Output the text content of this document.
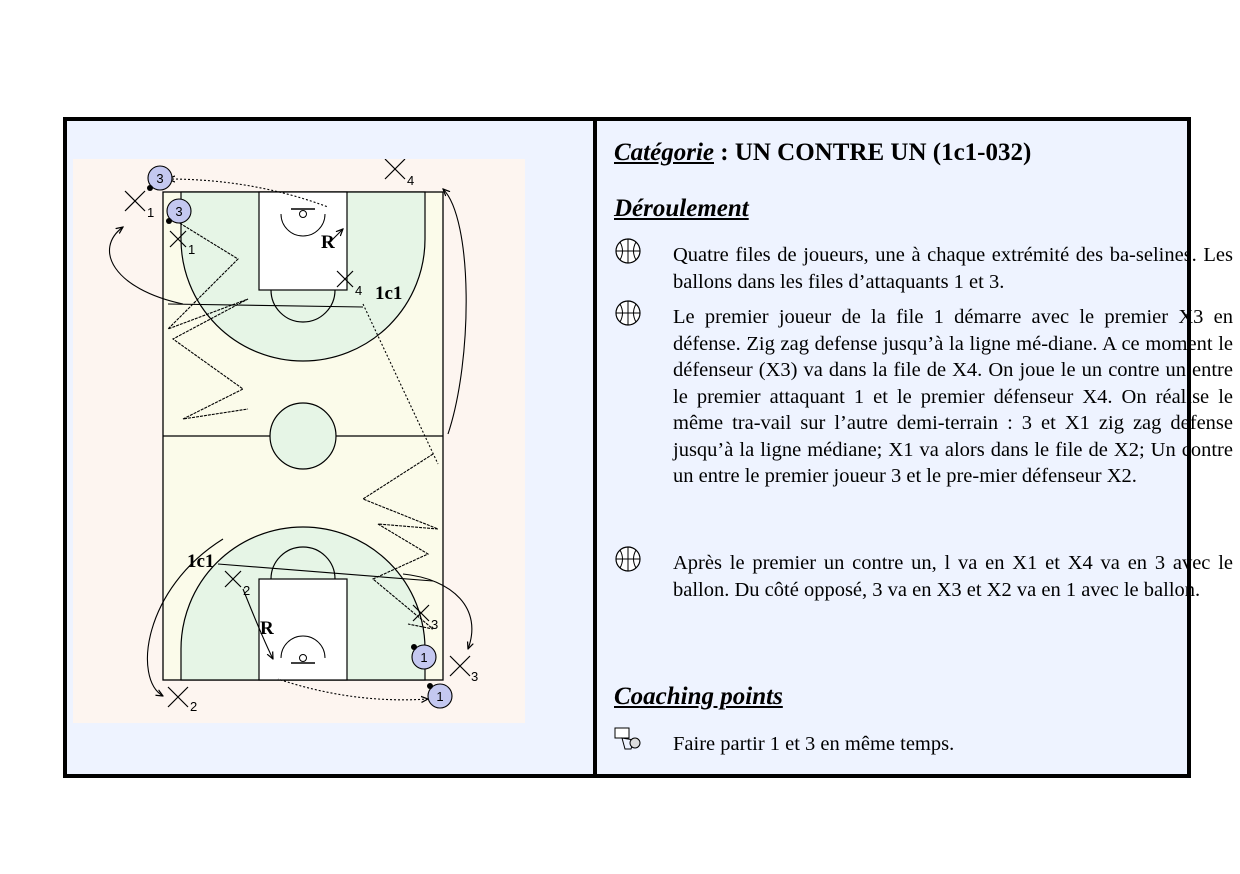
1
4
1
4
2
3
2
3
3
3
1
1
1c1
1c1
R
R
Catégorie : UN CONTRE UN (1c1-032)
Déroulement
Quatre files de joueurs, une à chaque extrémité des ba-selines. Les ballons dans les files d’attaquants 1 et 3.
Le premier joueur de la file 1 démarre avec le premier X3 en défense. Zig zag defense jusqu’à la ligne mé-diane. A ce moment le défenseur (X3) va dans la file de X4. On joue le un contre un entre le premier attaquant 1 et le premier défenseur X4. On réalise le même tra-vail sur l’autre demi-terrain : 3 et X1 zig zag defense jusqu’à la ligne médiane; X1 va alors dans le file de X2; Un contre un entre le premier joueur 3 et le pre-mier défenseur X2.
Après le premier un contre un, l va en X1 et X4 va en 3 avec le ballon. Du côté opposé, 3 va en X3 et X2 va en 1 avec le ballon.
Coaching points
Faire partir 1 et 3 en même temps.
